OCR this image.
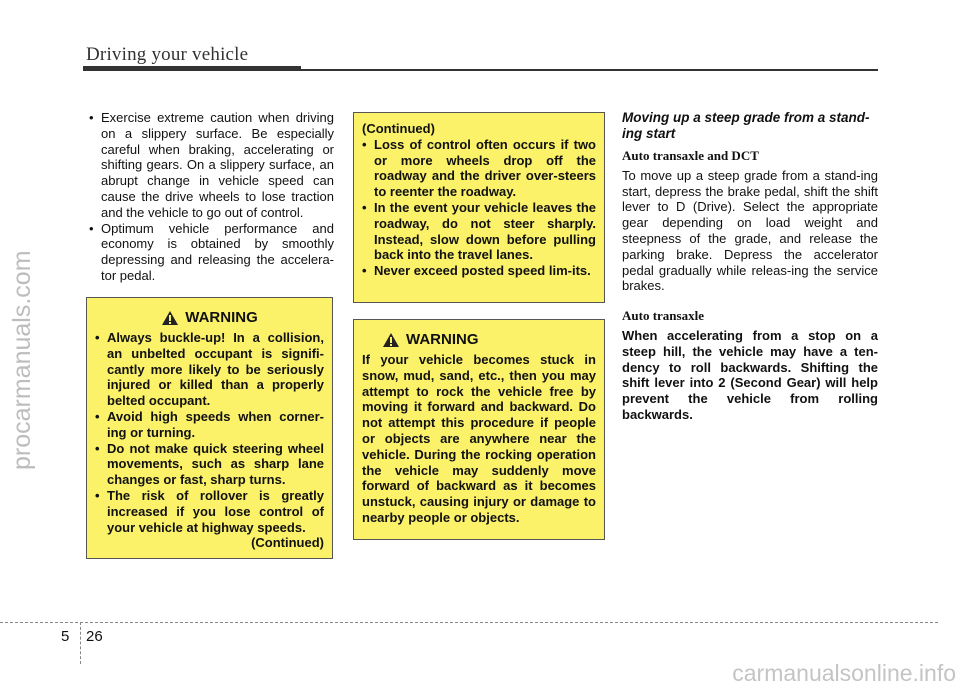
Driving your vehicle
procarmanuals.com
• Exercise extreme caution when driving on a slippery surface. Be especially careful when braking, accelerating or shifting gears. On a slippery surface, an abrupt change in vehicle speed can cause the drive wheels to lose traction and the vehicle to go out of control.
• Optimum vehicle performance and economy is obtained by smoothly depressing and releasing the accelera-tor pedal.
WARNING
• Always buckle-up! In a collision, an unbelted occupant is signifi-cantly more likely to be seriously injured or killed than a properly belted occupant.
• Avoid high speeds when corner-ing or turning.
• Do not make quick steering wheel movements, such as sharp lane changes or fast, sharp turns.
• The risk of rollover is greatly increased if you lose control of your vehicle at highway speeds.
(Continued)
(Continued)
• Loss of control often occurs if two or more wheels drop off the roadway and the driver over-steers to reenter the roadway.
• In the event your vehicle leaves the roadway, do not steer sharply. Instead, slow down before pulling back into the travel lanes.
• Never exceed posted speed lim-its.
WARNING
If your vehicle becomes stuck in snow, mud, sand, etc., then you may attempt to rock the vehicle free by moving it forward and backward. Do not attempt this procedure if people or objects are anywhere near the vehicle. During the rocking operation the vehicle may suddenly move forward of backward as it becomes unstuck, causing injury or damage to nearby people or objects.
Moving up a steep grade from a stand-ing start
Auto transaxle and DCT
To move up a steep grade from a stand-ing start, depress the brake pedal, shift the shift lever to D (Drive). Select the appropriate gear depending on load weight and steepness of the grade, and release the parking brake. Depress the accelerator pedal gradually while releas-ing the service brakes.
Auto transaxle
When accelerating from a stop on a steep hill, the vehicle may have a ten-dency to roll backwards. Shifting the shift lever into 2 (Second Gear) will help prevent the vehicle from rolling backwards.
5 26
carmanualsonline.info
